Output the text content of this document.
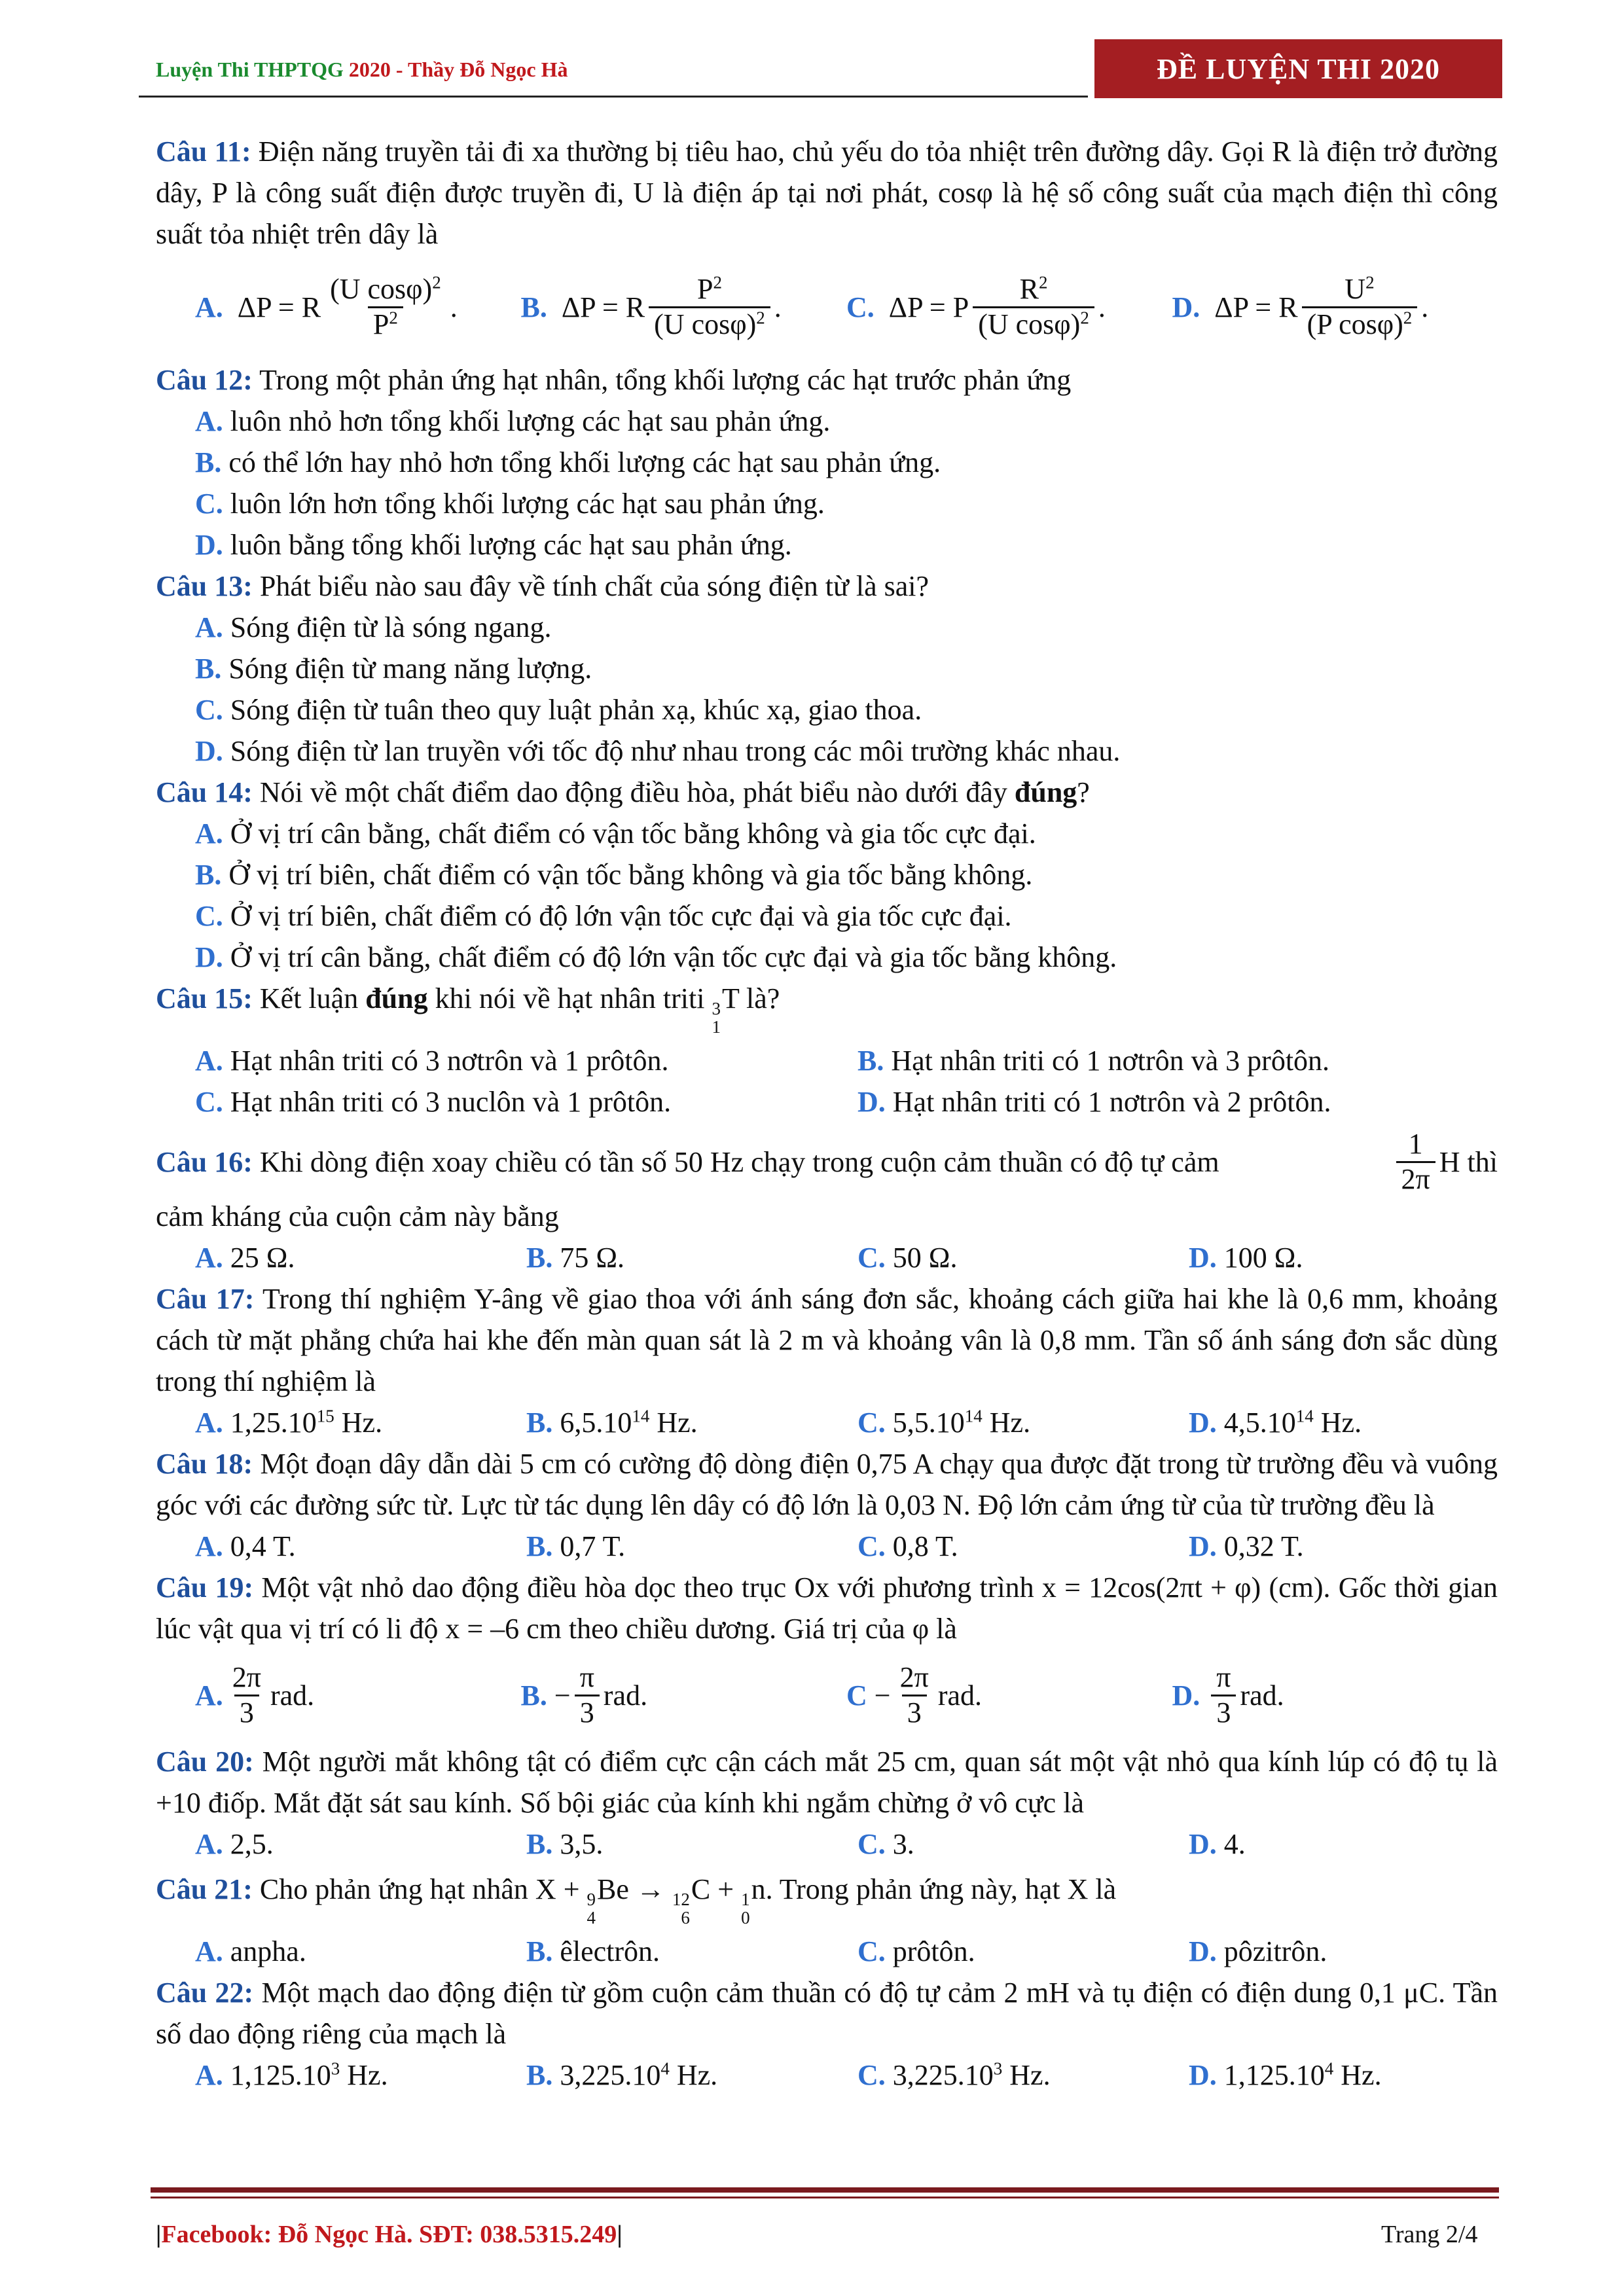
Luyện Thi THPTQG 2020 - Thầy Đỗ Ngọc Hà	ĐỀ LUYỆN THI 2020

Câu 11: Điện năng truyền tải đi xa thường bị tiêu hao, chủ yếu do tỏa nhiệt trên đường dây. Gọi R là điện trở đường dây, P là công suất điện được truyền đi, U là điện áp tại nơi phát, cosφ là hệ số công suất của mạch điện thì công suất tỏa nhiệt trên dây là

A.
ΔP = R $\frac{(U \cos\varphi)^2}{P^2}$ . B.
ΔP = R $\frac{P^2}{(U \cos\varphi)^2}$ . C.
ΔP = P $\frac{R^2}{(U \cos\varphi)^2}$ . D.
ΔP = R $\frac{U^2}{(P \cos\varphi)^2}$ .

Câu 12: Trong một phản ứng hạt nhân, tổng khối lượng các hạt trước phản ứng

A. luôn nhỏ hơn tổng khối lượng các hạt sau phản ứng.
B. có thể lớn hay nhỏ hơn tổng khối lượng các hạt sau phản ứng.
C. luôn lớn hơn tổng khối lượng các hạt sau phản ứng.
D. luôn bằng tổng khối lượng các hạt sau phản ứng.

Câu 13: Phát biểu nào sau đây về tính chất của sóng điện từ là sai?

A. Sóng điện từ là sóng ngang.
B. Sóng điện từ mang năng lượng.
C. Sóng điện từ tuân theo quy luật phản xạ, khúc xạ, giao thoa.
D. Sóng điện từ lan truyền với tốc độ như nhau trong các môi trường khác nhau.

Câu 14: Nói về một chất điểm dao động điều hòa, phát biểu nào dưới đây đúng?

A. Ở vị trí cân bằng, chất điểm có vận tốc bằng không và gia tốc cực đại.
B. Ở vị trí biên, chất điểm có vận tốc bằng không và gia tốc bằng không.
C. Ở vị trí biên, chất điểm có độ lớn vận tốc cực đại và gia tốc cực đại.
D. Ở vị trí cân bằng, chất điểm có độ lớn vận tốc cực đại và gia tốc bằng không.

Câu 15: Kết luận đúng khi nói về hạt nhân triti 3
1
T là?

A. Hạt nhân triti có 3 nơtrôn và 1 prôtôn.	B. Hạt nhân triti có 1 nơtrôn và 3 prôtôn.
C. Hạt nhân triti có 3 nuclôn và 1 prôtôn.	D. Hạt nhân triti có 1 nơtrôn và 2 prôtôn.

Câu 16: Khi dòng điện xoay chiều có tần số 50 Hz chạy trong cuộn cảm thuần có độ tự cảm	$\frac{1}{2\pi}$ H thì

cảm kháng của cuộn cảm này bằng

A. 25 Ω.	B. 75 Ω.	C. 50 Ω.	D. 100 Ω.

Câu 17: Trong thí nghiệm Y-âng về giao thoa với ánh sáng đơn sắc, khoảng cách giữa hai khe là 0,6 mm, khoảng cách từ mặt phẳng chứa hai khe đến màn quan sát là 2 m và khoảng vân là 0,8 mm. Tần số ánh sáng đơn sắc dùng trong thí nghiệm là

A. 1,25.10$^{15}$ Hz.	B. 6,5.10$^{14}$ Hz.	C. 5,5.10$^{14}$ Hz.	D. 4,5.10$^{14}$ Hz.

Câu 18: Một đoạn dây dẫn dài 5 cm có cường độ dòng điện 0,75 A chạy qua được đặt trong từ trường đều và vuông góc với các đường sức từ. Lực từ tác dụng lên dây có độ lớn là 0,03 N. Độ lớn cảm ứng từ của từ trường đều là

A. 0,4 T.	B. 0,7 T.	C. 0,8 T.	D. 0,32 T.

Câu 19: Một vật nhỏ dao động điều hòa dọc theo trục Ox với phương trình x = 12cos(2πt + φ) (cm). Gốc thời gian lúc vật qua vị trí có li độ x = –6 cm theo chiều dương. Giá trị của φ là

A. $\frac{2\pi}{3}$ rad.	B.
− $\frac{\pi}{3}$ rad.	C
− $\frac{2\pi}{3}$ rad.	D.
$\frac{\pi}{3}$ rad.

Câu 20: Một người mắt không tật có điểm cực cận cách mắt 25 cm, quan sát một vật nhỏ qua kính lúp có độ tụ là +10 điốp. Mắt đặt sát sau kính. Số bội giác của kính khi ngắm chừng ở vô cực là

A. 2,5.	B. 3,5.	C. 3.	D. 4.

Câu 21: Cho phản ứng hạt nhân X + 9
4
Be → 12
6
C + 1
0
n. Trong phản ứng này, hạt X là

A. anpha.	B. êlectrôn.	C. prôtôn.	D. pôzitrôn.

Câu 22: Một mạch dao động điện từ gồm cuộn cảm thuần có độ tự cảm 2 mH và tụ điện có điện dung 0,1 μC. Tần số dao động riêng của mạch là

A. 1,125.10$^3$ Hz.	B. 3,225.10$^4$ Hz.	C. 3,225.10$^3$ Hz.	D. 1,125.10$^4$ Hz.
|Facebook: Đỗ Ngọc Hà. SĐT: 038.5315.249|	Trang 2/4
